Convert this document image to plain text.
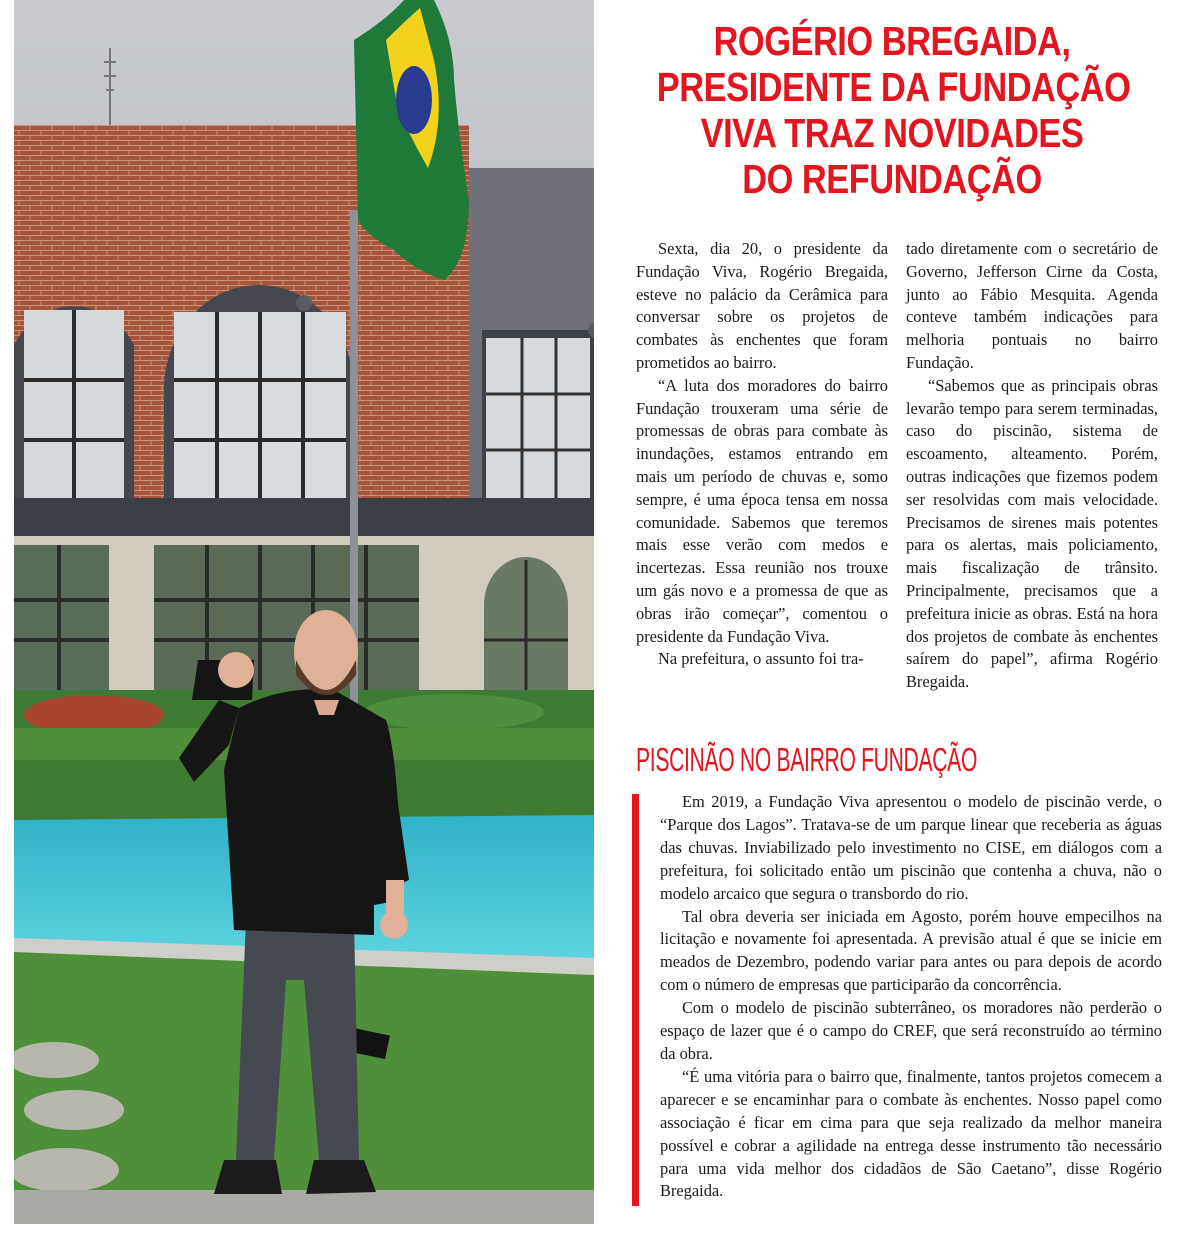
ROGÉRIO BREGAIDA,
PRESIDENTE DA FUNDAÇÃO
VIVA TRAZ NOVIDADES
DO REFUNDAÇÃO

Sexta, dia 20, o presidente da Fundação Viva, Rogério Bregaida, esteve no palácio da Cerâmica para conversar sobre os projetos de combates às enchentes que foram prometidos ao bairro.

“A luta dos moradores do bairro Fundação trouxeram uma série de promessas de obras para combate às inundações, estamos entrando em mais um período de chuvas e, somo sempre, é uma época tensa em nossa comunidade. Sabemos que teremos mais esse verão com medos e incertezas. Essa reunião nos trouxe um gás novo e a promessa de que as obras irão começar”, comentou o presidente da Fundação Viva.

Na prefeitura, o assunto foi tra-

tado diretamente com o secretário de Governo, Jefferson Cirne da Costa, junto ao Fábio Mesquita. Agenda conteve também indicações para melhoria pontuais no bairro Fundação.

“Sabemos que as principais obras levarão tempo para serem terminadas, caso do piscinão, sistema de escoamento, alteamento. Porém, outras indicações que fizemos podem ser resolvidas com mais velocidade. Precisamos de sirenes mais potentes para os alertas, mais policiamento, mais fiscalização de trânsito. Principalmente, precisamos que a prefeitura inicie as obras. Está na hora dos projetos de combate às enchentes saírem do papel”, afirma Rogério Bregaida.

PISCINÃO NO BAIRRO FUNDAÇÃO

Em 2019, a Fundação Viva apresentou o modelo de piscinão verde, o “Parque dos Lagos”. Tratava-se de um parque linear que receberia as águas das chuvas. Inviabilizado pelo investimento no CISE, em diálogos com a prefeitura, foi solicitado então um piscinão que contenha a chuva, não o modelo arcaico que segura o transbordo do rio.

Tal obra deveria ser iniciada em Agosto, porém houve empecilhos na licitação e novamente foi apresentada. A previsão atual é que se inicie em meados de Dezembro, podendo variar para antes ou para depois de acordo com o número de empresas que participarão da concorrência.

Com o modelo de piscinão subterrâneo, os moradores não perderão o espaço de lazer que é o campo do CREF, que será reconstruído ao término da obra.

“É uma vitória para o bairro que, finalmente, tantos projetos comecem a aparecer e se encaminhar para o combate às enchentes. Nosso papel como associação é ficar em cima para que seja realizado da melhor maneira possível e cobrar a agilidade na entrega desse instrumento tão necessário para uma vida melhor dos cidadãos de São Caetano”, disse Rogério Bregaida.
